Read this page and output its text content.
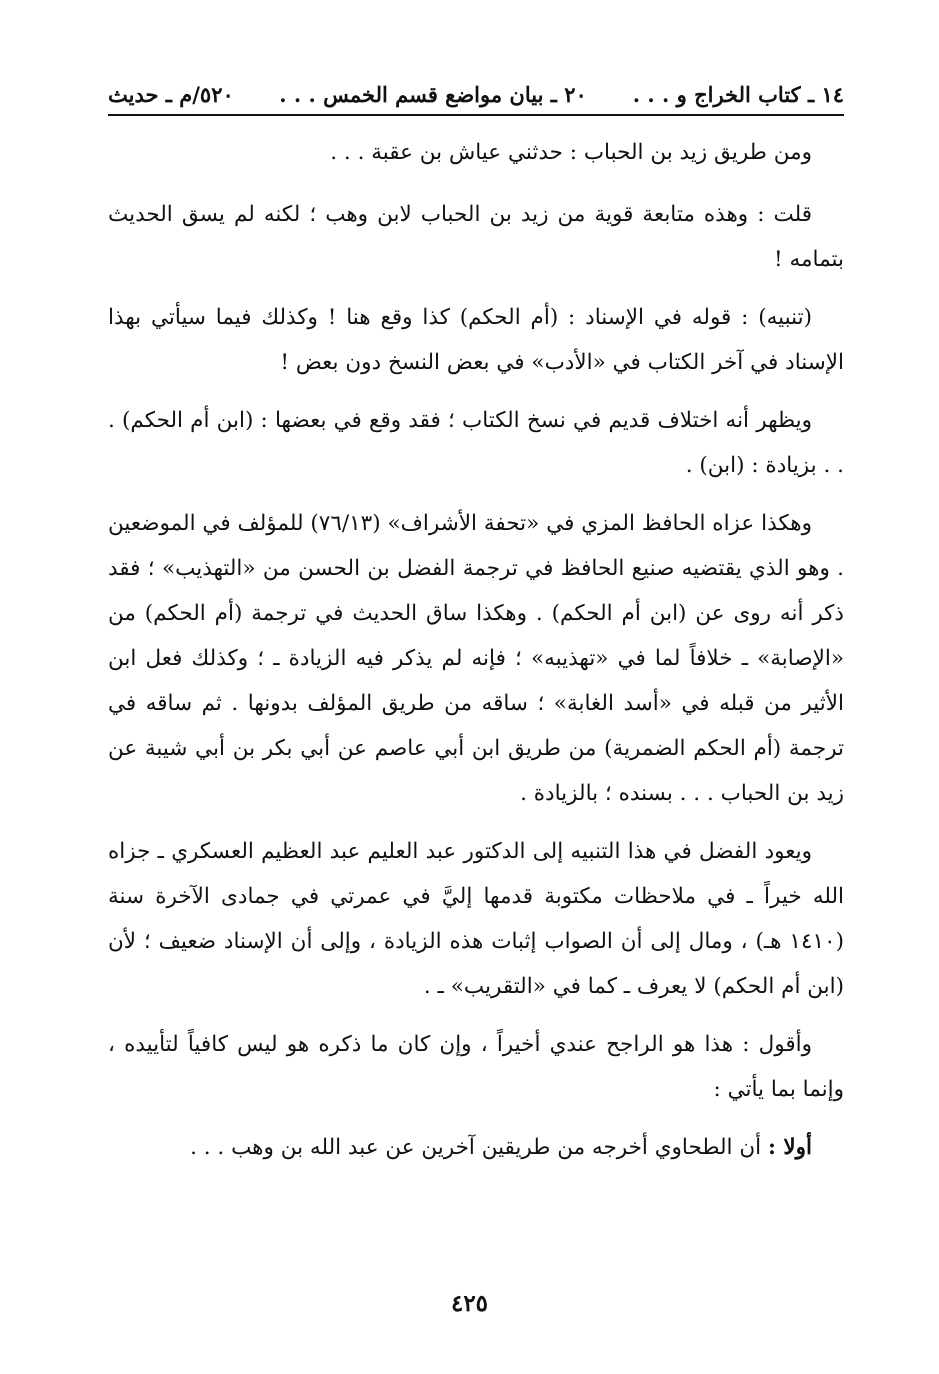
١٤ ـ كتاب الخراج و . . .
٢٠ ـ بيان مواضع قسم الخمس . . .
٥٢٠/م ـ حديث

ومن طريق زيد بن الحباب : حدثني عياش بن عقبة . . .

قلت : وهذه متابعة قوية من زيد بن الحباب لابن وهب ؛ لكنه لم يسق الحديث بتمامه !

(تنبيه) : قوله في الإسناد : (أم الحكم) كذا وقع هنا ! وكذلك فيما سيأتي بهذا الإسناد في آخر الكتاب في «الأدب» في بعض النسخ دون بعض !

ويظهر أنه اختلاف قديم في نسخ الكتاب ؛ فقد وقع في بعضها : (ابن أم الحكم) . . . بزيادة : (ابن) .

وهكذا عزاه الحافظ المزي في «تحفة الأشراف» (٧٦/١٣) للمؤلف في الموضعين . وهو الذي يقتضيه صنيع الحافظ في ترجمة الفضل بن الحسن من «التهذيب» ؛ فقد ذكر أنه روى عن (ابن أم الحكم) . وهكذا ساق الحديث في ترجمة (أم الحكم) من «الإصابة» ـ خلافاً لما في «تهذيبه» ؛ فإنه لم يذكر فيه الزيادة ـ ؛ وكذلك فعل ابن الأثير من قبله في «أسد الغابة» ؛ ساقه من طريق المؤلف بدونها . ثم ساقه في ترجمة (أم الحكم الضمرية) من طريق ابن أبي عاصم عن أبي بكر بن أبي شيبة عن زيد بن الحباب . . . بسنده ؛ بالزيادة .

ويعود الفضل في هذا التنبيه إلى الدكتور عبد العليم عبد العظيم العسكري ـ جزاه الله خيراً ـ في ملاحظات مكتوبة قدمها إليَّ في عمرتي في جمادى الآخرة سنة (١٤١٠ هـ) ، ومال إلى أن الصواب إثبات هذه الزيادة ، وإلى أن الإسناد ضعيف ؛ لأن (ابن أم الحكم) لا يعرف ـ كما في «التقريب» ـ .

وأقول : هذا هو الراجح عندي أخيراً ، وإن كان ما ذكره هو ليس كافياً لتأييده ، وإنما بما يأتي :

أولا : أن الطحاوي أخرجه من طريقين آخرين عن عبد الله بن وهب . . .

٤٢٥
